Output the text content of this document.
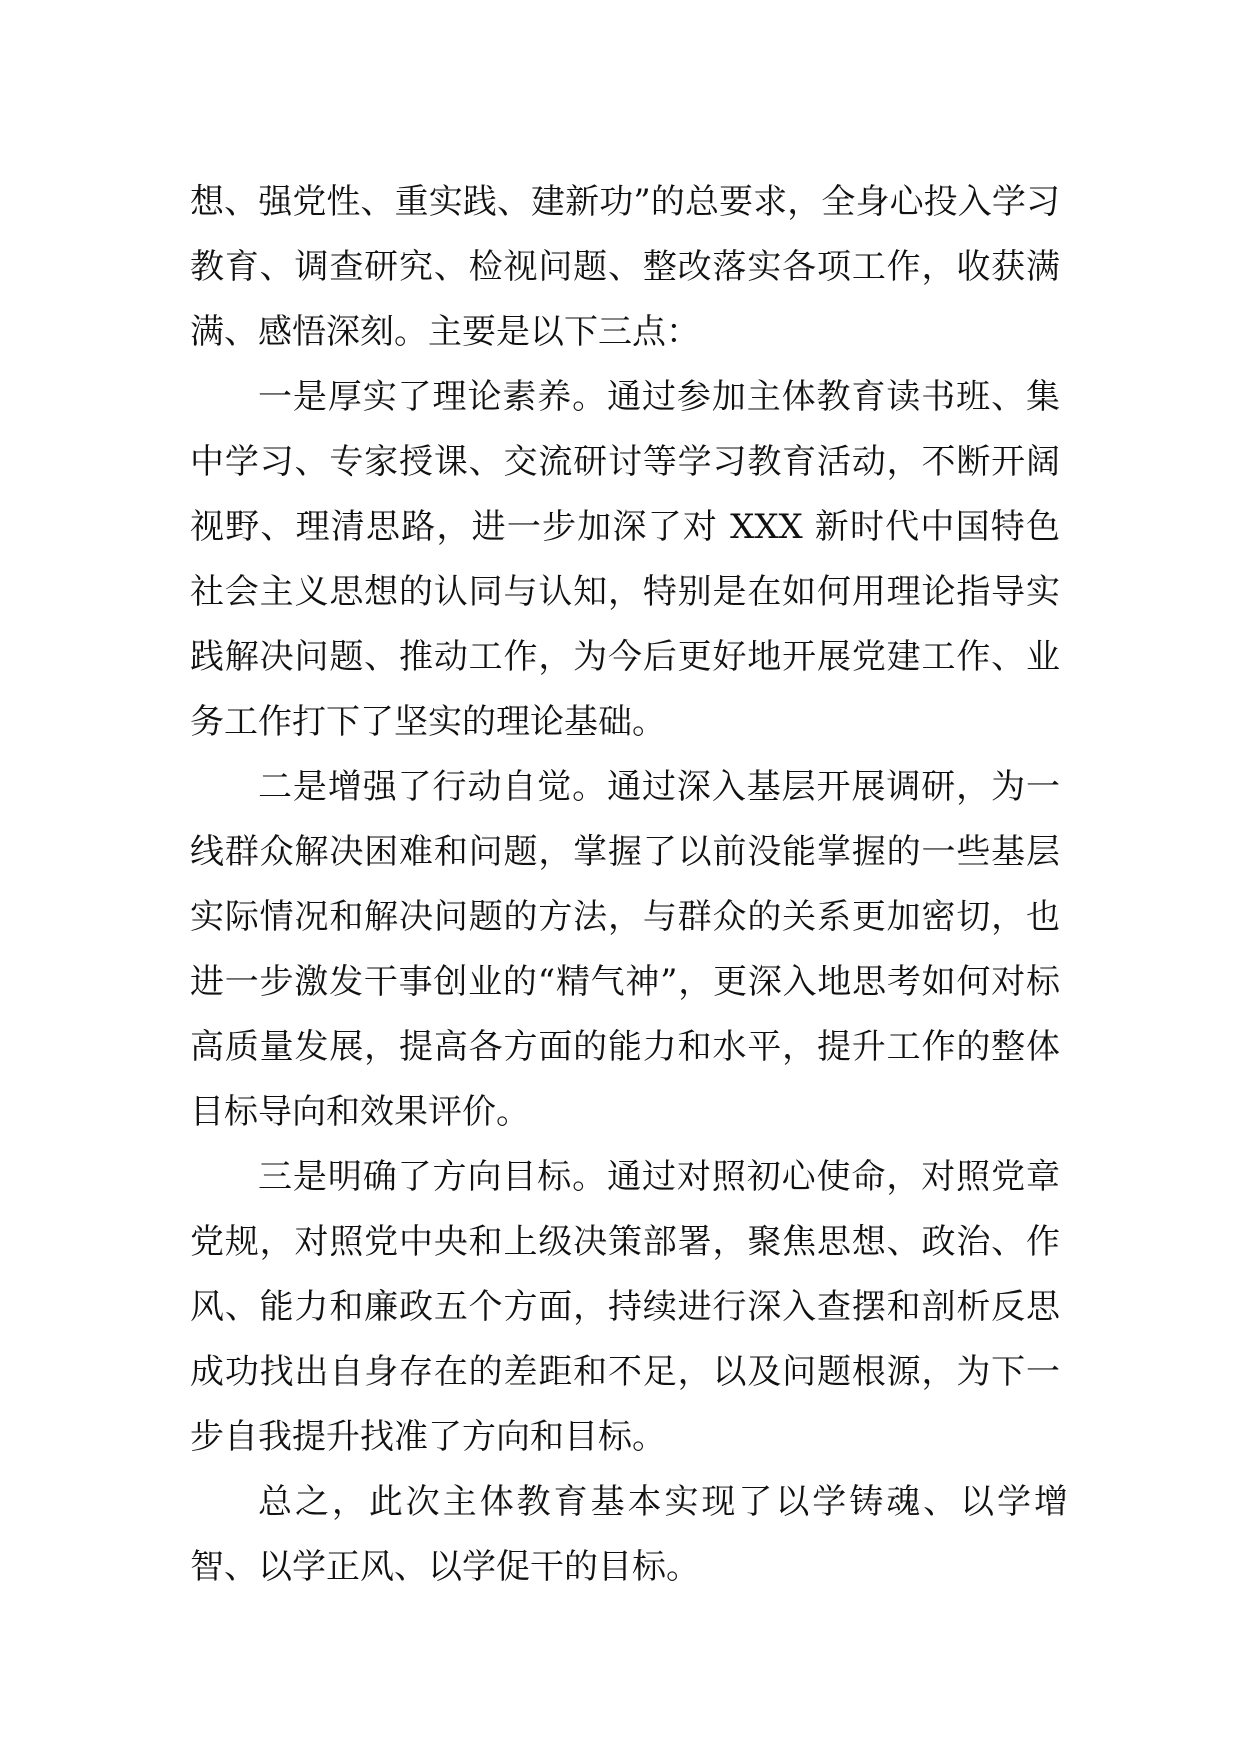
想、强党性、重实践、建新功”的总要求，全身心投入学习教育、调查研究、检视问题、整改落实各项工作，收获满满、感悟深刻。主要是以下三点：

一是厚实了理论素养。通过参加主体教育读书班、集中学习、专家授课、交流研讨等学习教育活动，不断开阔视野、理清思路，进一步加深了对 XXX 新时代中国特色社会主义思想的认同与认知，特别是在如何用理论指导实践解决问题、推动工作，为今后更好地开展党建工作、业务工作打下了坚实的理论基础。

二是增强了行动自觉。通过深入基层开展调研，为一线群众解决困难和问题，掌握了以前没能掌握的一些基层实际情况和解决问题的方法，与群众的关系更加密切，也进一步激发干事创业的“精气神”，更深入地思考如何对标高质量发展，提高各方面的能力和水平，提升工作的整体目标导向和效果评价。

三是明确了方向目标。通过对照初心使命，对照党章党规，对照党中央和上级决策部署，聚焦思想、政治、作风、能力和廉政五个方面，持续进行深入查摆和剖析反思成功找出自身存在的差距和不足，以及问题根源，为下一步自我提升找准了方向和目标。

总之，此次主体教育基本实现了以学铸魂、以学增智、以学正风、以学促干的目标。
